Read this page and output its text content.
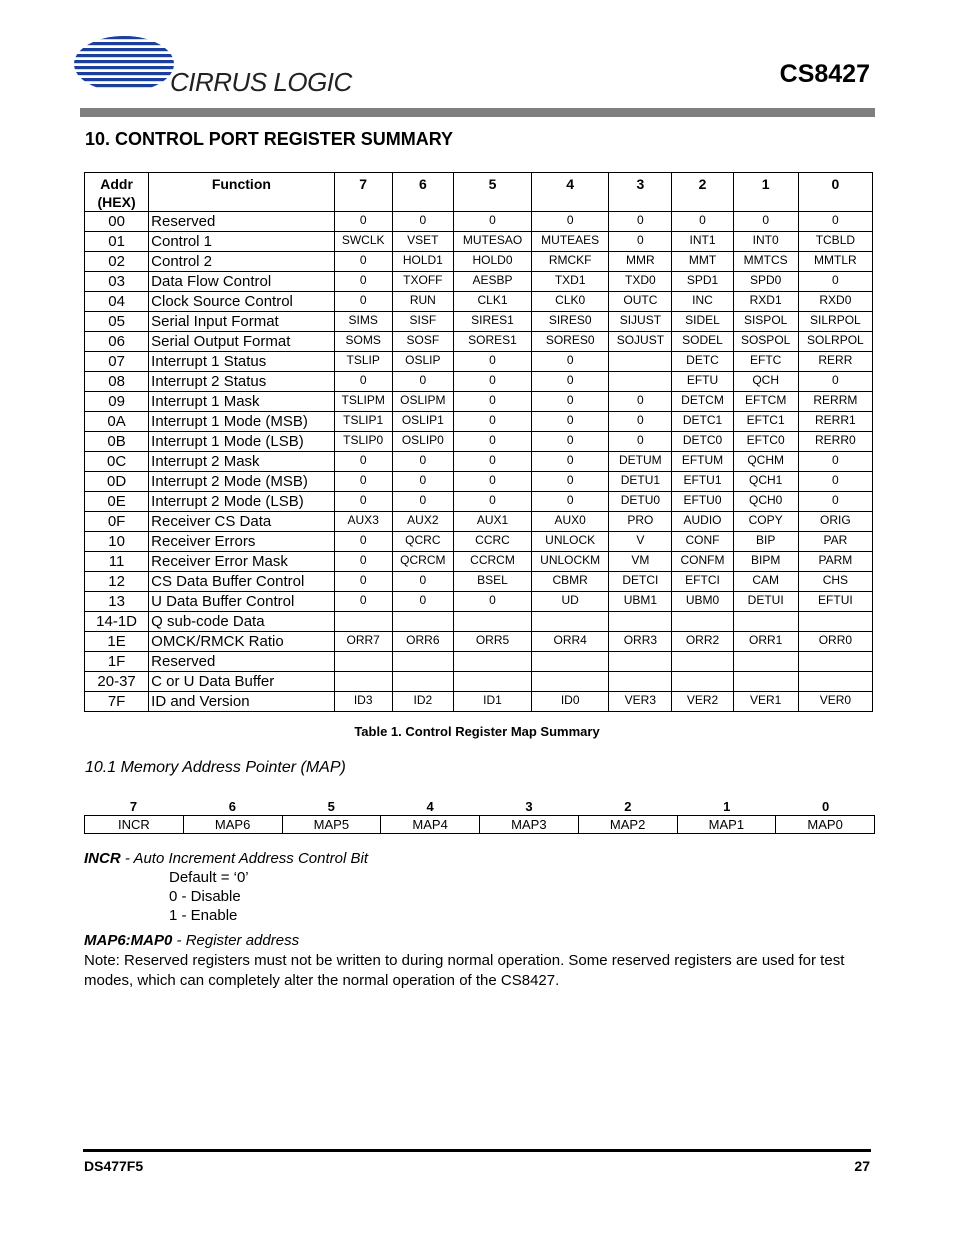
CIRRUS LOGIC	CS8427
10. CONTROL PORT REGISTER SUMMARY
Addr
(HEX)	Function	7	6	5	4	3	2	1	0
00	Reserved	0	0	0	0	0	0	0	0
01	Control 1	SWCLK	VSET	MUTESAO	MUTEAES	0	INT1	INT0	TCBLD
02	Control 2	0	HOLD1	HOLD0	RMCKF	MMR	MMT	MMTCS	MMTLR
03	Data Flow Control	0	TXOFF	AESBP	TXD1	TXD0	SPD1	SPD0	0
04	Clock Source Control	0	RUN	CLK1	CLK0	OUTC	INC	RXD1	RXD0
05	Serial Input Format	SIMS	SISF	SIRES1	SIRES0	SIJUST	SIDEL	SISPOL	SILRPOL
06	Serial Output Format	SOMS	SOSF	SORES1	SORES0	SOJUST	SODEL	SOSPOL	SOLRPOL
07	Interrupt 1 Status	TSLIP	OSLIP	0	0		DETC	EFTC	RERR
08	Interrupt 2 Status	0	0	0	0		EFTU	QCH	0
09	Interrupt 1 Mask	TSLIPM	OSLIPM	0	0	0	DETCM	EFTCM	RERRM
0A	Interrupt 1 Mode (MSB)	TSLIP1	OSLIP1	0	0	0	DETC1	EFTC1	RERR1
0B	Interrupt 1 Mode (LSB)	TSLIP0	OSLIP0	0	0	0	DETC0	EFTC0	RERR0
0C	Interrupt 2 Mask	0	0	0	0	DETUM	EFTUM	QCHM	0
0D	Interrupt 2 Mode (MSB)	0	0	0	0	DETU1	EFTU1	QCH1	0
0E	Interrupt 2 Mode (LSB)	0	0	0	0	DETU0	EFTU0	QCH0	0
0F	Receiver CS Data	AUX3	AUX2	AUX1	AUX0	PRO	AUDIO	COPY	ORIG
10	Receiver Errors	0	QCRC	CCRC	UNLOCK	V	CONF	BIP	PAR
11	Receiver Error Mask	0	QCRCM	CCRCM	UNLOCKM	VM	CONFM	BIPM	PARM
12	CS Data Buffer Control	0	0	BSEL	CBMR	DETCI	EFTCI	CAM	CHS
13	U Data Buffer Control	0	0	0	UD	UBM1	UBM0	DETUI	EFTUI
14-1D	Q sub-code Data								
1E	OMCK/RMCK Ratio	ORR7	ORR6	ORR5	ORR4	ORR3	ORR2	ORR1	ORR0
1F	Reserved								
20-37	C or U Data Buffer								
7F	ID and Version	ID3	ID2	ID1	ID0	VER3	VER2	VER1	VER0
Table 1. Control Register Map Summary
10.1 Memory Address Pointer (MAP)
7	6	5	4	3	2	1	0
INCR	MAP6	MAP5	MAP4	MAP3	MAP2	MAP1	MAP0
INCR - Auto Increment Address Control Bit
Default = ‘0’
0 - Disable
1 - Enable
MAP6:MAP0 - Register address
Note: Reserved registers must not be written to during normal operation. Some reserved registers are used for test modes, which can completely alter the normal operation of the CS8427.
DS477F5	27
